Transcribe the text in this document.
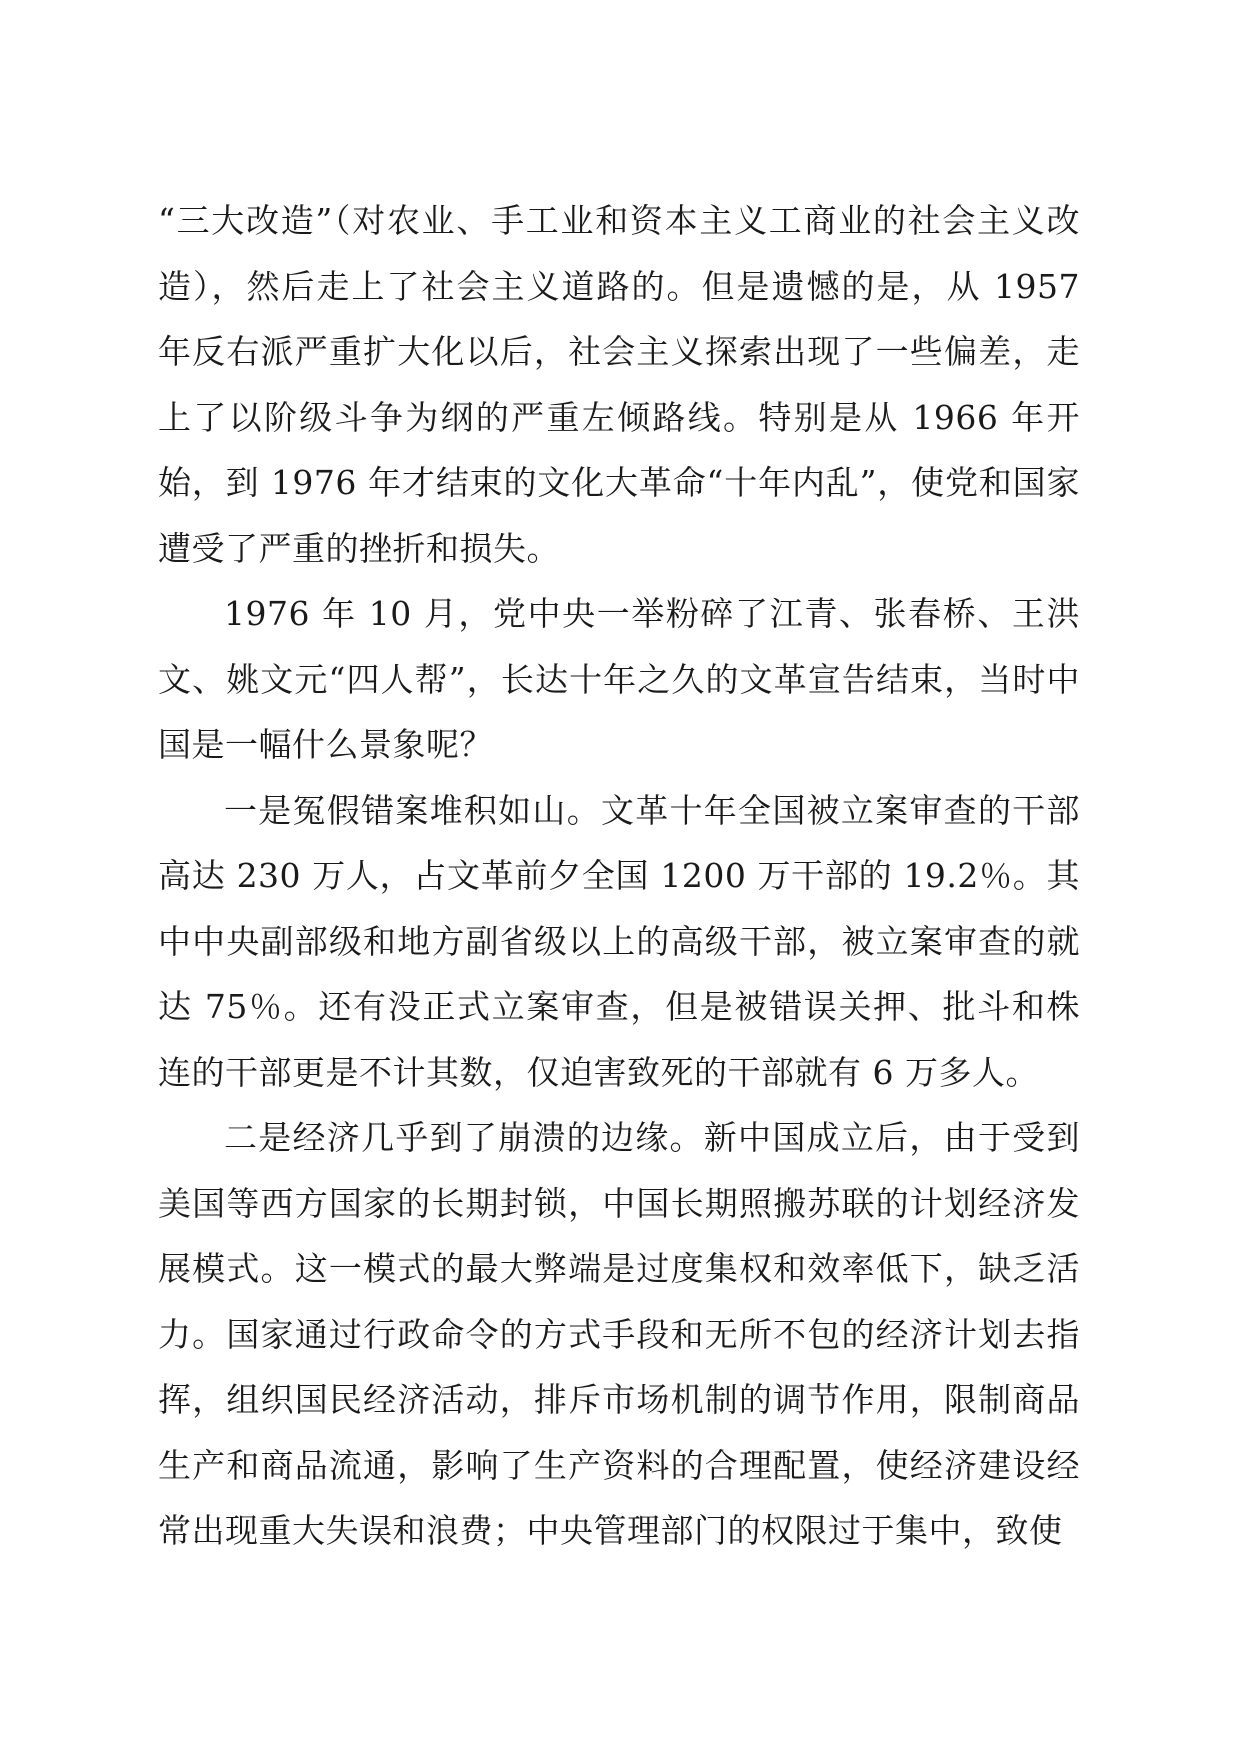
“三大改造”（对农业、手工业和资本主义工商业的社会主义改造），然后走上了社会主义道路的。但是遗憾的是，从 1957 年反右派严重扩大化以后，社会主义探索出现了一些偏差，走上了以阶级斗争为纲的严重左倾路线。特别是从 1966 年开始，到 1976 年才结束的文化大革命“十年内乱”，使党和国家遭受了严重的挫折和损失。

1976 年 10 月，党中央一举粉碎了江青、张春桥、王洪文、姚文元“四人帮”，长达十年之久的文革宣告结束，当时中国是一幅什么景象呢？

一是冤假错案堆积如山。文革十年全国被立案审查的干部高达 230 万人，占文革前夕全国 1200 万干部的 19.2％。其中中央副部级和地方副省级以上的高级干部，被立案审查的就达 75％。还有没正式立案审查，但是被错误关押、批斗和株连的干部更是不计其数，仅迫害致死的干部就有 6 万多人。

二是经济几乎到了崩溃的边缘。新中国成立后，由于受到美国等西方国家的长期封锁，中国长期照搬苏联的计划经济发展模式。这一模式的最大弊端是过度集权和效率低下，缺乏活力。国家通过行政命令的方式手段和无所不包的经济计划去指挥，组织国民经济活动，排斥市场机制的调节作用，限制商品生产和商品流通，影响了生产资料的合理配置，使经济建设经常出现重大失误和浪费；中央管理部门的权限过于集中，致使
